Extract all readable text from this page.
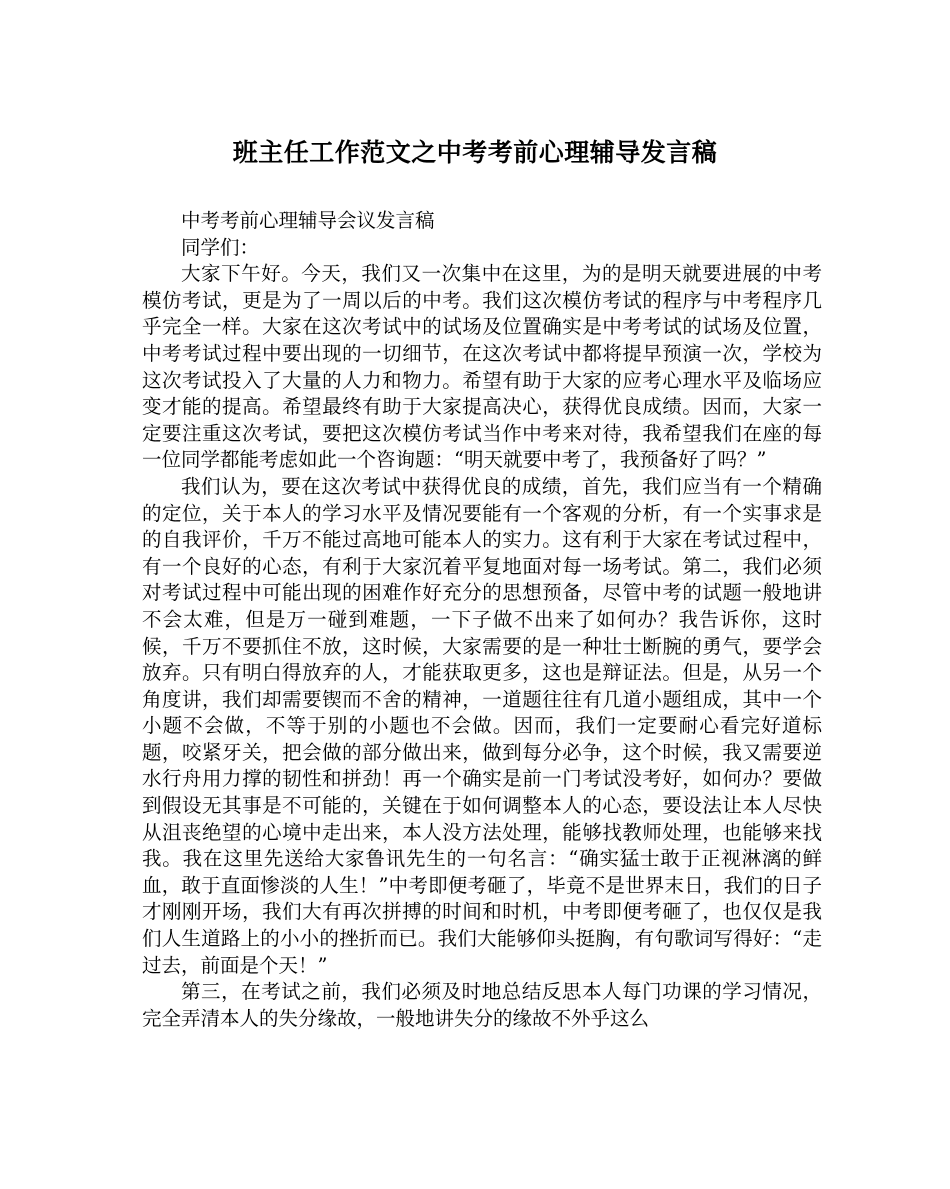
班主任工作范文之中考考前心理辅导发言稿

中考考前心理辅导会议发言稿

同学们：

大家下午好。今天，我们又一次集中在这里，为的是明天就要进展的中考模仿考试，更是为了一周以后的中考。我们这次模仿考试的程序与中考程序几乎完全一样。大家在这次考试中的试场及位置确实是中考考试的试场及位置，中考考试过程中要出现的一切细节，在这次考试中都将提早预演一次，学校为这次考试投入了大量的人力和物力。希望有助于大家的应考心理水平及临场应变才能的提高。希望最终有助于大家提高决心，获得优良成绩。因而，大家一定要注重这次考试，要把这次模仿考试当作中考来对待，我希望我们在座的每一位同学都能考虑如此一个咨询题：“明天就要中考了，我预备好了吗？”

我们认为，要在这次考试中获得优良的成绩，首先，我们应当有一个精确的定位，关于本人的学习水平及情况要能有一个客观的分析，有一个实事求是的自我评价，千万不能过高地可能本人的实力。这有利于大家在考试过程中，有一个良好的心态，有利于大家沉着平复地面对每一场考试。第二，我们必须对考试过程中可能出现的困难作好充分的思想预备，尽管中考的试题一般地讲不会太难，但是万一碰到难题，一下子做不出来了如何办？我告诉你，这时候，千万不要抓住不放，这时候，大家需要的是一种壮士断腕的勇气，要学会放弃。只有明白得放弃的人，才能获取更多，这也是辩证法。但是，从另一个角度讲，我们却需要锲而不舍的精神，一道题往往有几道小题组成，其中一个小题不会做，不等于别的小题也不会做。因而，我们一定要耐心看完好道标题，咬紧牙关，把会做的部分做出来，做到每分必争，这个时候，我又需要逆水行舟用力撑的韧性和拼劲！再一个确实是前一门考试没考好，如何办？要做到假设无其事是不可能的，关键在于如何调整本人的心态，要设法让本人尽快从沮丧绝望的心境中走出来，本人没方法处理，能够找教师处理，也能够来找我。我在这里先送给大家鲁讯先生的一句名言：“确实猛士敢于正视淋漓的鲜血，敢于直面惨淡的人生！”中考即便考砸了，毕竟不是世界末日，我们的日子才刚刚开场，我们大有再次拼搏的时间和时机，中考即便考砸了，也仅仅是我们人生道路上的小小的挫折而已。我们大能够仰头挺胸，有句歌词写得好：“走过去，前面是个天！”

第三，在考试之前，我们必须及时地总结反思本人每门功课的学习情况，完全弄清本人的失分缘故，一般地讲失分的缘故不外乎这么
